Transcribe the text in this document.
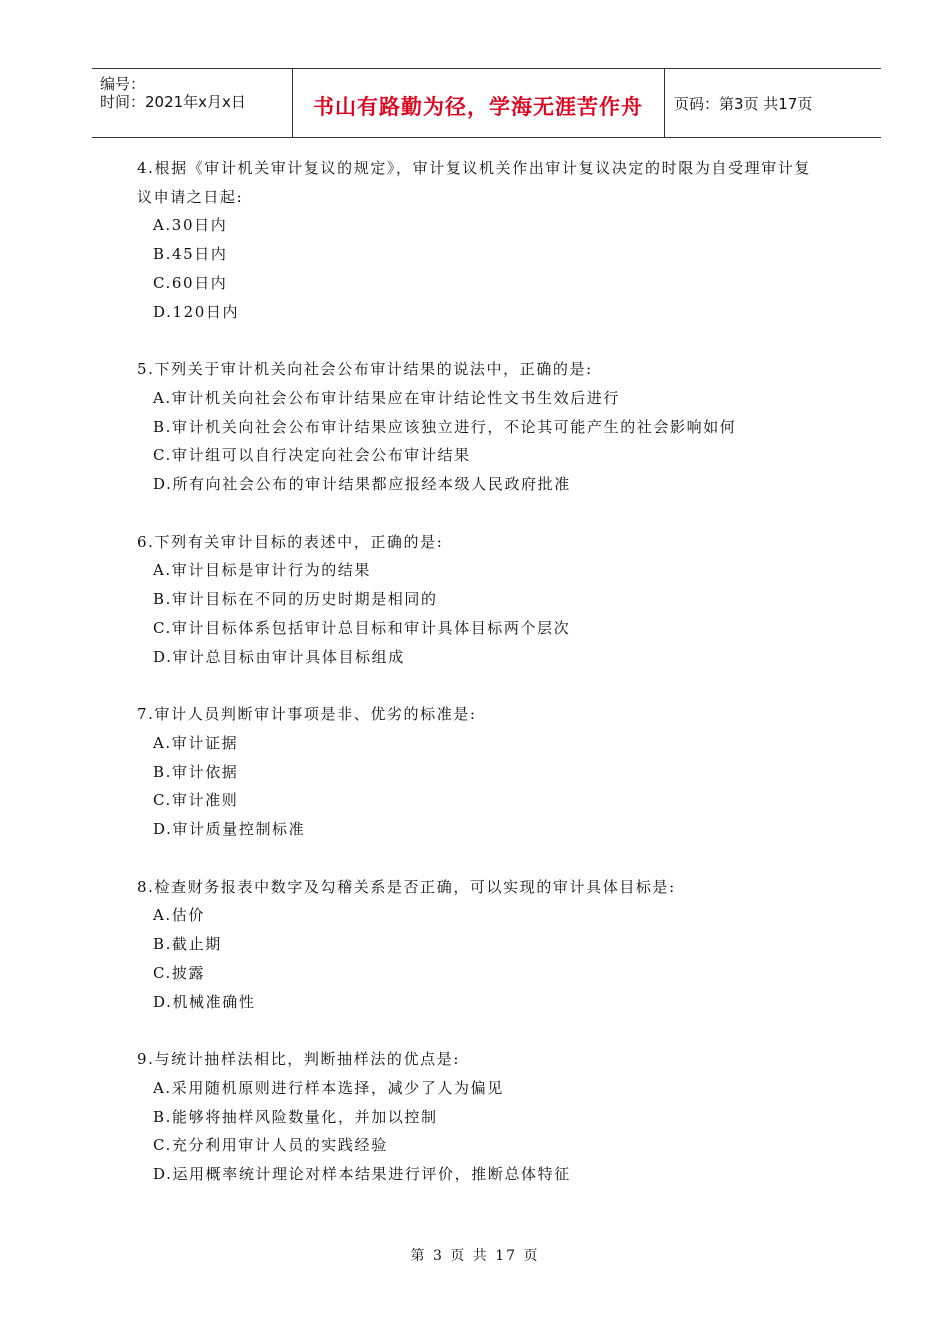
编号：
时间：2021年x月x日	书山有路勤为径，学海无涯苦作舟	页码：第3页 共17页
4.根据《审计机关审计复议的规定》，审计复议机关作出审计复议决定的时限为自受理审计复
议申请之日起:
A.30日内
B.45日内
C.60日内
D.120日内
5.下列关于审计机关向社会公布审计结果的说法中，正确的是:
A.审计机关向社会公布审计结果应在审计结论性文书生效后进行
B.审计机关向社会公布审计结果应该独立进行，不论其可能产生的社会影响如何
C.审计组可以自行决定向社会公布审计结果
D.所有向社会公布的审计结果都应报经本级人民政府批准
6.下列有关审计目标的表述中，正确的是:
A.审计目标是审计行为的结果
B.审计目标在不同的历史时期是相同的
C.审计目标体系包括审计总目标和审计具体目标两个层次
D.审计总目标由审计具体目标组成
7.审计人员判断审计事项是非、优劣的标准是:
A.审计证据
B.审计依据
C.审计准则
D.审计质量控制标准
8.检查财务报表中数字及勾稽关系是否正确，可以实现的审计具体目标是:
A.估价
B.截止期
C.披露
D.机械准确性
9.与统计抽样法相比，判断抽样法的优点是:
A.采用随机原则进行样本选择，减少了人为偏见
B.能够将抽样风险数量化，并加以控制
C.充分利用审计人员的实践经验
D.运用概率统计理论对样本结果进行评价，推断总体特征
第 3 页 共 17 页
